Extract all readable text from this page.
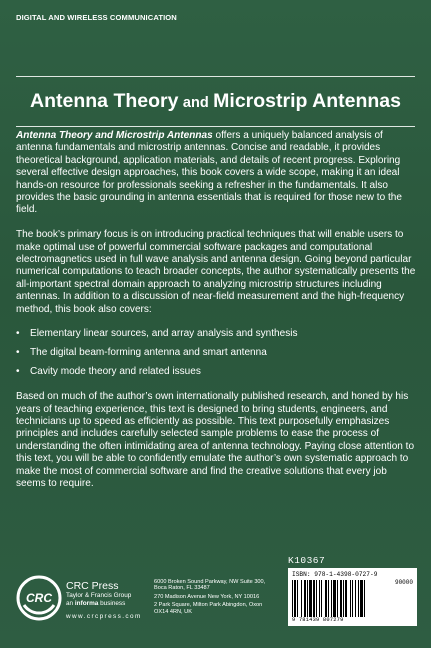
DIGITAL AND WIRELESS COMMUNICATION
Antenna Theory and Microstrip Antennas

Antenna Theory and Microstrip Antennas offers a uniquely balanced analysis of antenna fundamentals and microstrip antennas. Concise and readable, it provides theoretical background, application materials, and details of recent progress. Exploring several effective design approaches, this book covers a wide scope, making it an ideal hands-on resource for professionals seeking a refresher in the fundamentals. It also provides the basic grounding in antenna essentials that is required for those new to the field.

The book’s primary focus is on introducing practical techniques that will enable users to make optimal use of powerful commercial software packages and computational electromagnetics used in full wave analysis and antenna design. Going beyond particular numerical computations to teach broader concepts, the author systematically presents the all-important spectral domain approach to analyzing microstrip structures including antennas. In addition to a discussion of near-field measurement and the high-frequency method, this book also covers:

• Elementary linear sources, and array analysis and synthesis
• The digital beam-forming antenna and smart antenna
• Cavity mode theory and related issues

Based on much of the author’s own internationally published research, and honed by his years of teaching experience, this text is designed to bring students, engineers, and technicians up to speed as efficiently as possible. This text purposefully emphasizes principles and includes carefully selected sample problems to ease the process of understanding the often intimidating area of antenna technology. Paying close attention to this text, you will be able to confidently emulate the author’s own systematic approach to make the most of commercial software and find the creative solutions that every job seems to require.

K10367
ISBN: 978-1-4398-0727-9
90000
9 781439 807279
CRC
CRC Press
Taylor & Francis Group
an informa business
www.crcpress.com
6000 Broken Sound Parkway, NW Suite 300, Boca Raton, FL 33487
270 Madison Avenue New York, NY 10016
2 Park Square, Milton Park Abingdon, Oxon OX14 4RN, UK
